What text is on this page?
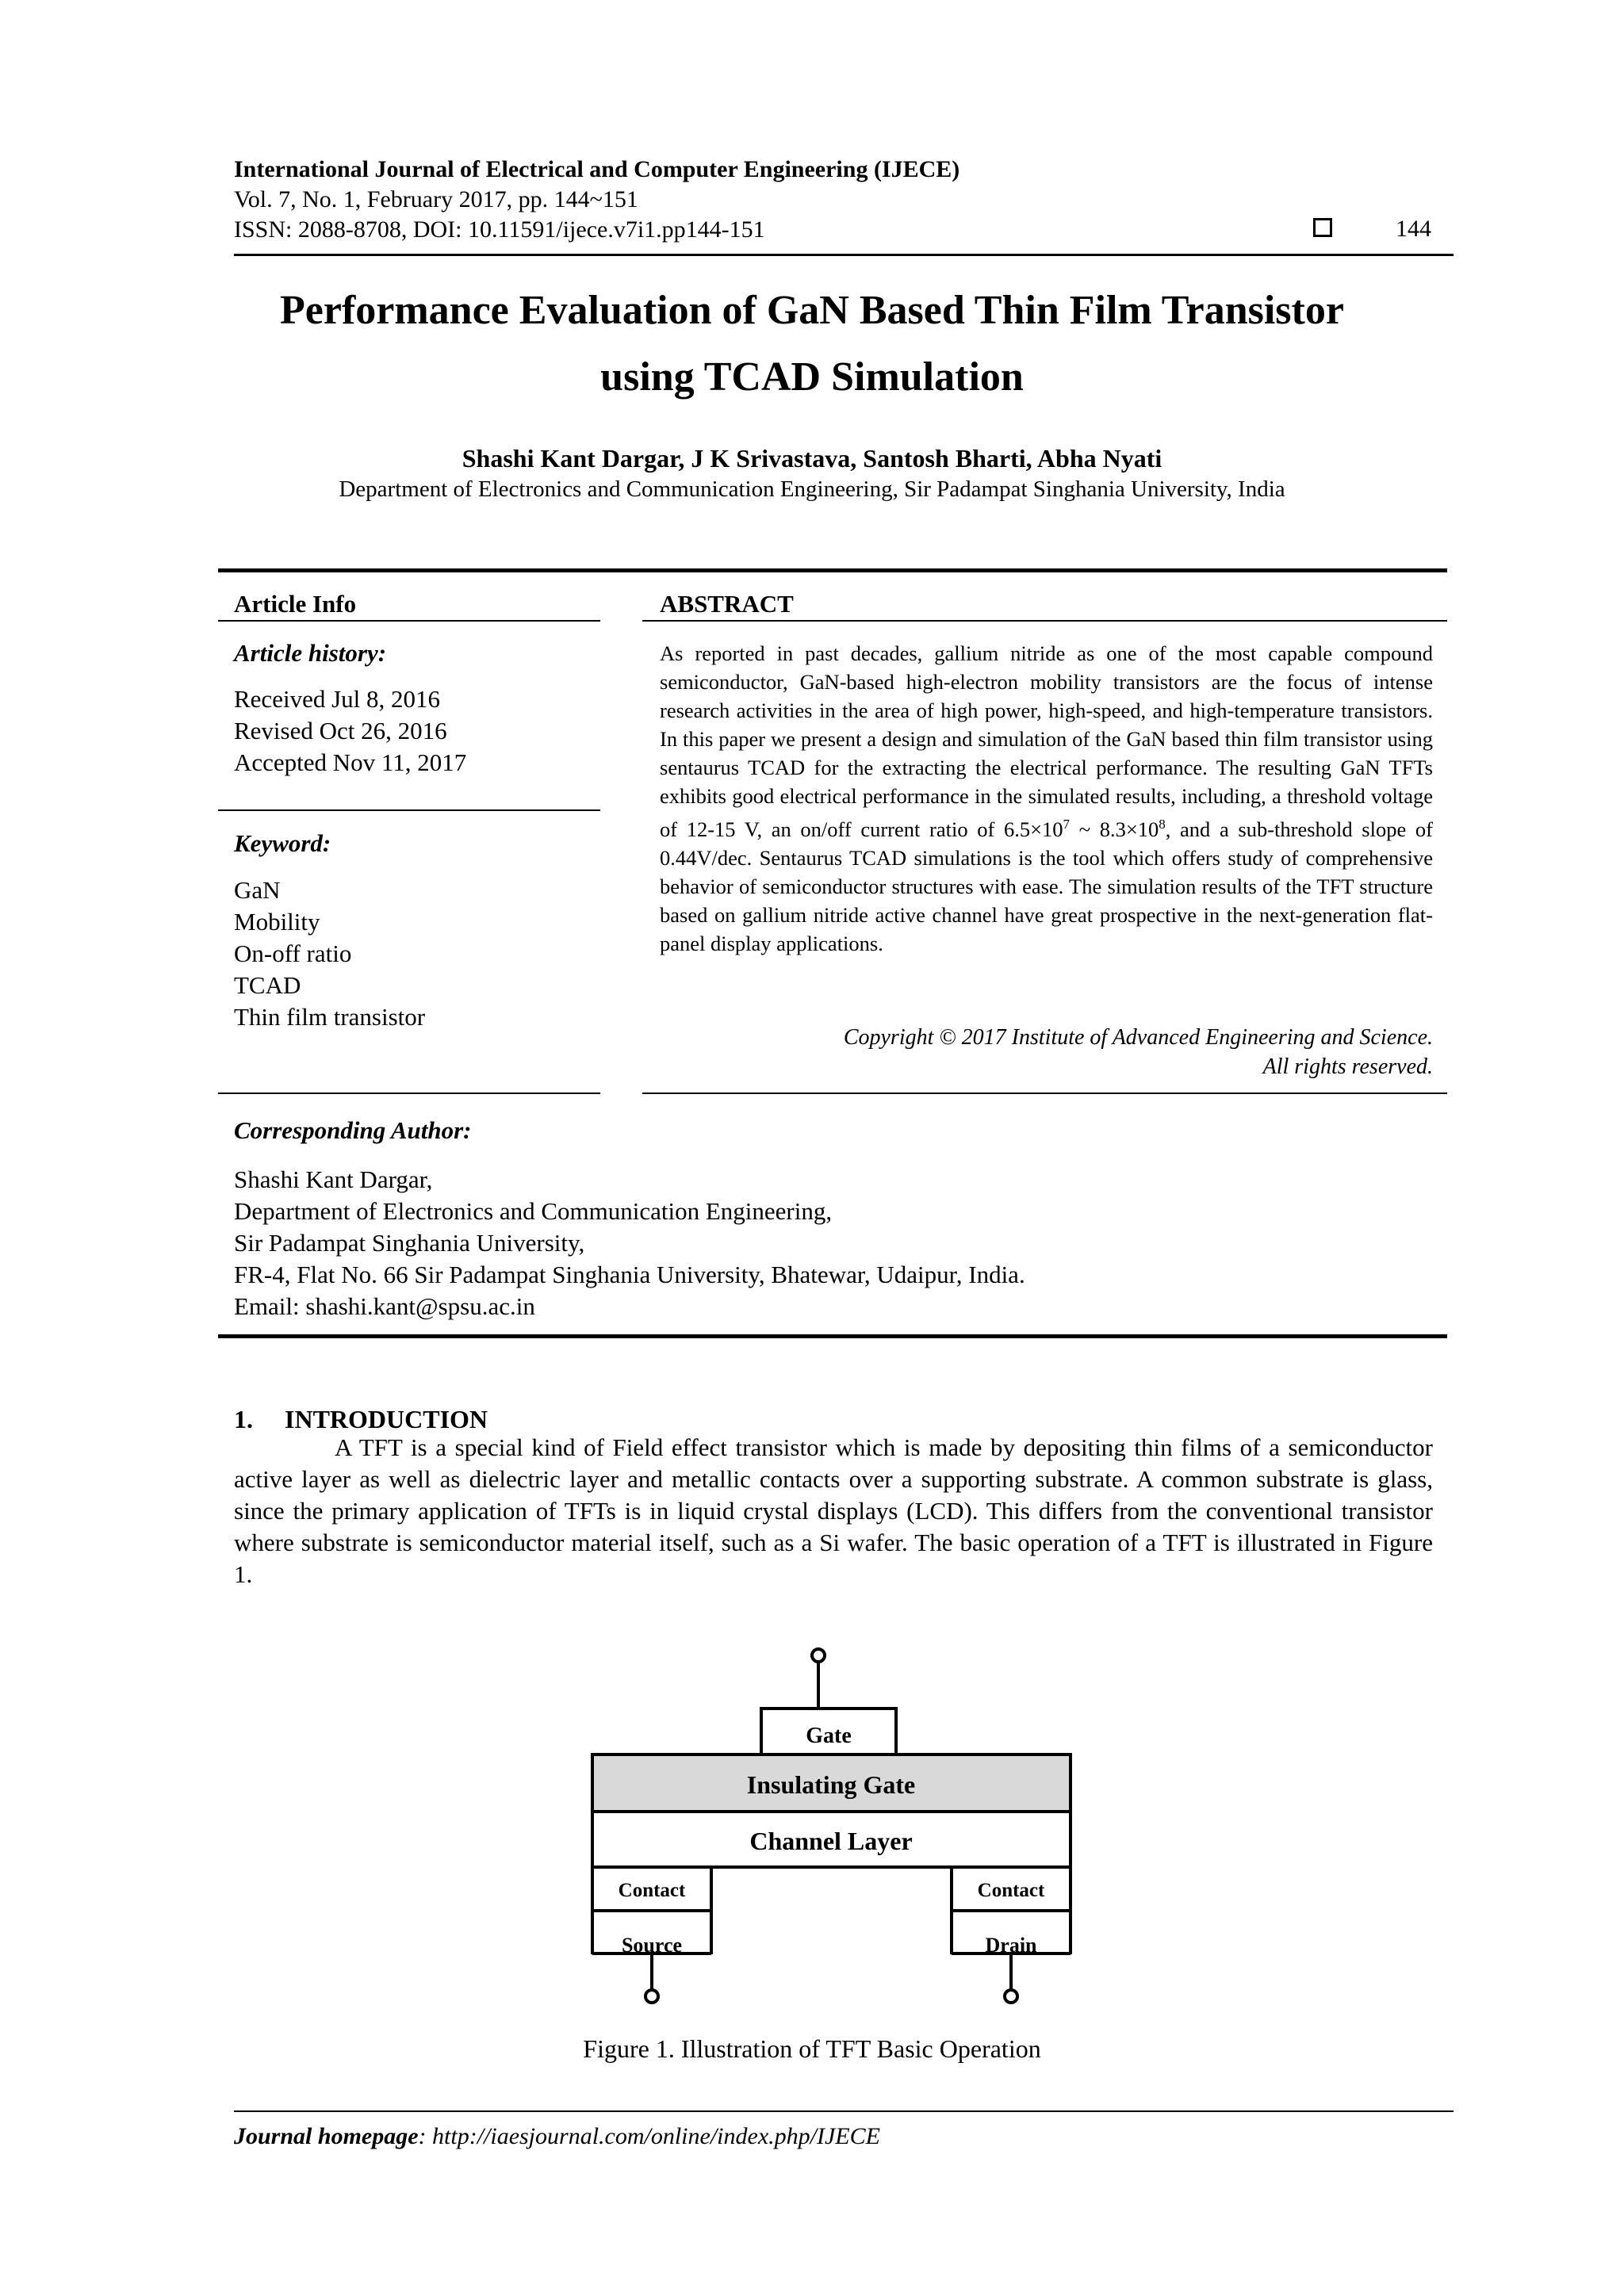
International Journal of Electrical and Computer Engineering (IJECE)
Vol. 7, No. 1, February 2017, pp. 144~151
ISSN: 2088-8708, DOI: 10.11591/ijece.v7i1.pp144-151	144
Performance Evaluation of GaN Based Thin Film Transistor
using TCAD Simulation
Shashi Kant Dargar, J K Srivastava, Santosh Bharti, Abha Nyati
Department of Electronics and Communication Engineering, Sir Padampat Singhania University, India
Article Info	ABSTRACT
Article history:
Received Jul 8, 2016
Revised Oct 26, 2016
Accepted Nov 11, 2017
Keyword:
GaN
Mobility
On-off ratio
TCAD
Thin film transistor
As reported in past decades, gallium nitride as one of the most capable compound semiconductor, GaN-based high-electron mobility transistors are the focus of intense research activities in the area of high power, high-speed, and high-temperature transistors. In this paper we present a design and simulation of the GaN based thin film transistor using sentaurus TCAD for the extracting the electrical performance. The resulting GaN TFTs exhibits good electrical performance in the simulated results, including, a threshold voltage of 12-15 V, an on/off current ratio of $6.5\times 10^7$ ~ $8.3\times 10^8$, and a sub-threshold slope of 0.44V/dec. Sentaurus TCAD simulations is the tool which offers study of comprehensive behavior of semiconductor structures with ease. The simulation results of the TFT structure based on gallium nitride active channel have great prospective in the next-generation flat-panel display applications.
Copyright © 2017 Institute of Advanced Engineering and Science.
All rights reserved.
Corresponding Author:
Shashi Kant Dargar,
Department of Electronics and Communication Engineering,
Sir Padampat Singhania University,
FR-4, Flat No. 66 Sir Padampat Singhania University, Bhatewar, Udaipur, India.
Email: shashi.kant@spsu.ac.in
1.     INTRODUCTION
A TFT is a special kind of Field effect transistor which is made by depositing thin films of a semiconductor active layer as well as dielectric layer and metallic contacts over a supporting substrate. A common substrate is glass, since the primary application of TFTs is in liquid crystal displays (LCD). This differs from the conventional transistor where substrate is semiconductor material itself, such as a Si wafer. The basic operation of a TFT is illustrated in Figure 1.
Gate
Insulating Gate
Channel Layer
Contact	Contact
Source	Drain
Figure 1. Illustration of TFT Basic Operation
Journal homepage: http://iaesjournal.com/online/index.php/IJECE
